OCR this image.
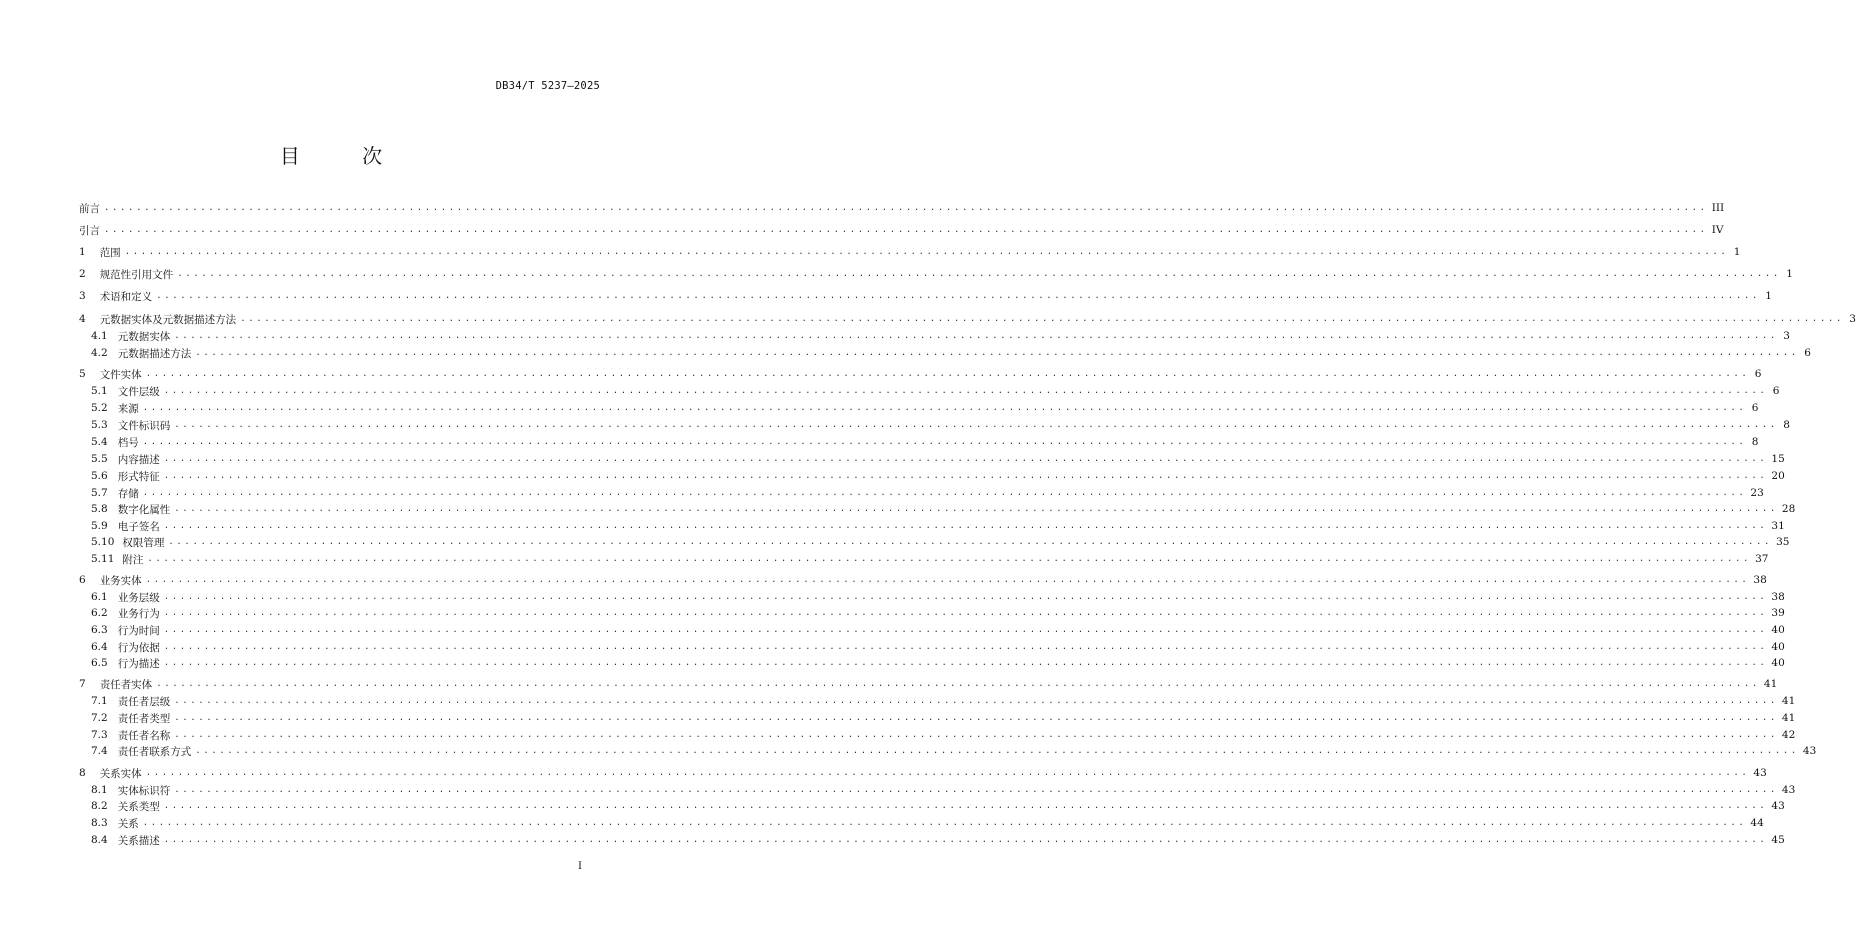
DB34/T 5237—2025
目 次
前言 ........................................................................................................................................................................................................ III
引言 ........................................................................................................................................................................................................ IV
1 范围 ........................................................................................................................................................................................................ 1
2 规范性引用文件 ........................................................................................................................................................................................................ 1
3 术语和定义 ........................................................................................................................................................................................................ 1
4 元数据实体及元数据描述方法 ........................................................................................................................................................................................................ 3
4.1 元数据实体 ........................................................................................................................................................................................................ 3
4.2 元数据描述方法 ........................................................................................................................................................................................................ 6
5 文件实体 ........................................................................................................................................................................................................ 6
5.1 文件层级 ........................................................................................................................................................................................................ 6
5.2 来源 ........................................................................................................................................................................................................ 6
5.3 文件标识码 ........................................................................................................................................................................................................ 8
5.4 档号 ........................................................................................................................................................................................................ 8
5.5 内容描述 ........................................................................................................................................................................................................ 15
5.6 形式特征 ........................................................................................................................................................................................................ 20
5.7 存储 ........................................................................................................................................................................................................ 23
5.8 数字化属性 ........................................................................................................................................................................................................ 28
5.9 电子签名 ........................................................................................................................................................................................................ 31
5.10 权限管理 ........................................................................................................................................................................................................ 35
5.11 附注 ........................................................................................................................................................................................................ 37
6 业务实体 ........................................................................................................................................................................................................ 38
6.1 业务层级 ........................................................................................................................................................................................................ 38
6.2 业务行为 ........................................................................................................................................................................................................ 39
6.3 行为时间 ........................................................................................................................................................................................................ 40
6.4 行为依据 ........................................................................................................................................................................................................ 40
6.5 行为描述 ........................................................................................................................................................................................................ 40
7 责任者实体 ........................................................................................................................................................................................................ 41
7.1 责任者层级 ........................................................................................................................................................................................................ 41
7.2 责任者类型 ........................................................................................................................................................................................................ 41
7.3 责任者名称 ........................................................................................................................................................................................................ 42
7.4 责任者联系方式 ........................................................................................................................................................................................................ 43
8 关系实体 ........................................................................................................................................................................................................ 43
8.1 实体标识符 ........................................................................................................................................................................................................ 43
8.2 关系类型 ........................................................................................................................................................................................................ 43
8.3 关系 ........................................................................................................................................................................................................ 44
8.4 关系描述 ........................................................................................................................................................................................................ 45
I
